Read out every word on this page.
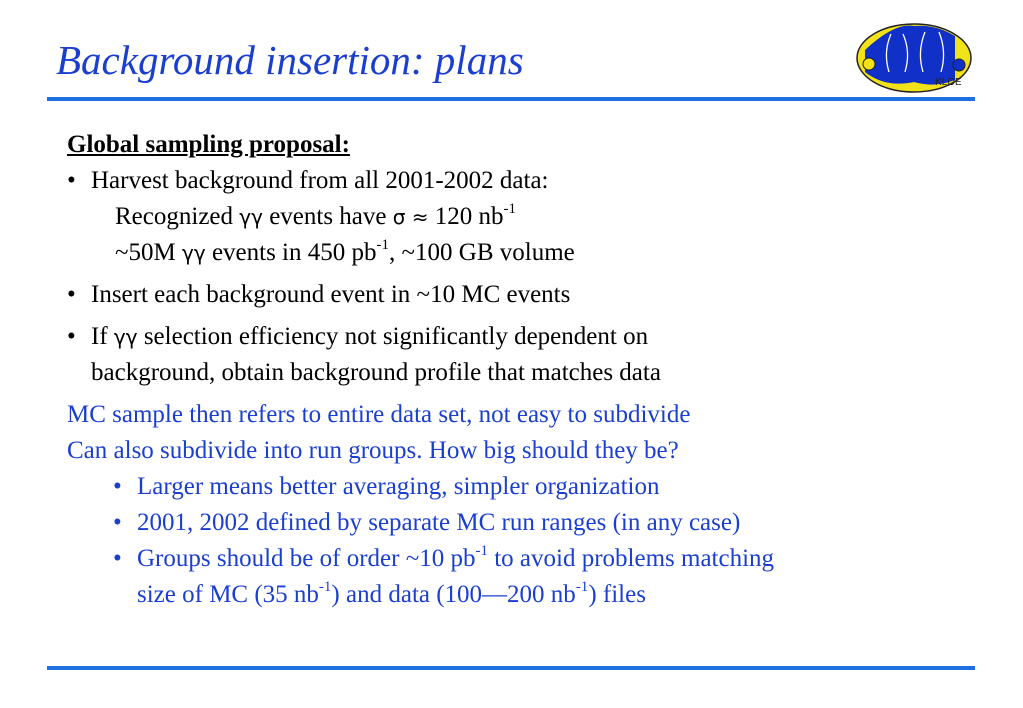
Background insertion: plans	KLOE
Global sampling proposal:
• Harvest background from all 2001-2002 data:
Recognized γγ events have σ ≈ 120 $nb^{-1}$
~50M γγ events in 450 $pb^{-1}$, ~100 GB volume
• Insert each background event in ~10 MC events
• If γγ selection efficiency not significantly dependent on
background, obtain background profile that matches data
MC sample then refers to entire data set, not easy to subdivide
Can also subdivide into run groups. How big should they be?
• Larger means better averaging, simpler organization
• 2001, 2002 defined by separate MC run ranges (in any case)
• Groups should be of order ~10 $pb^{-1}$ to avoid problems matching
size of MC (35 $nb^{-1}$) and data (100—200 $nb^{-1}$) files
